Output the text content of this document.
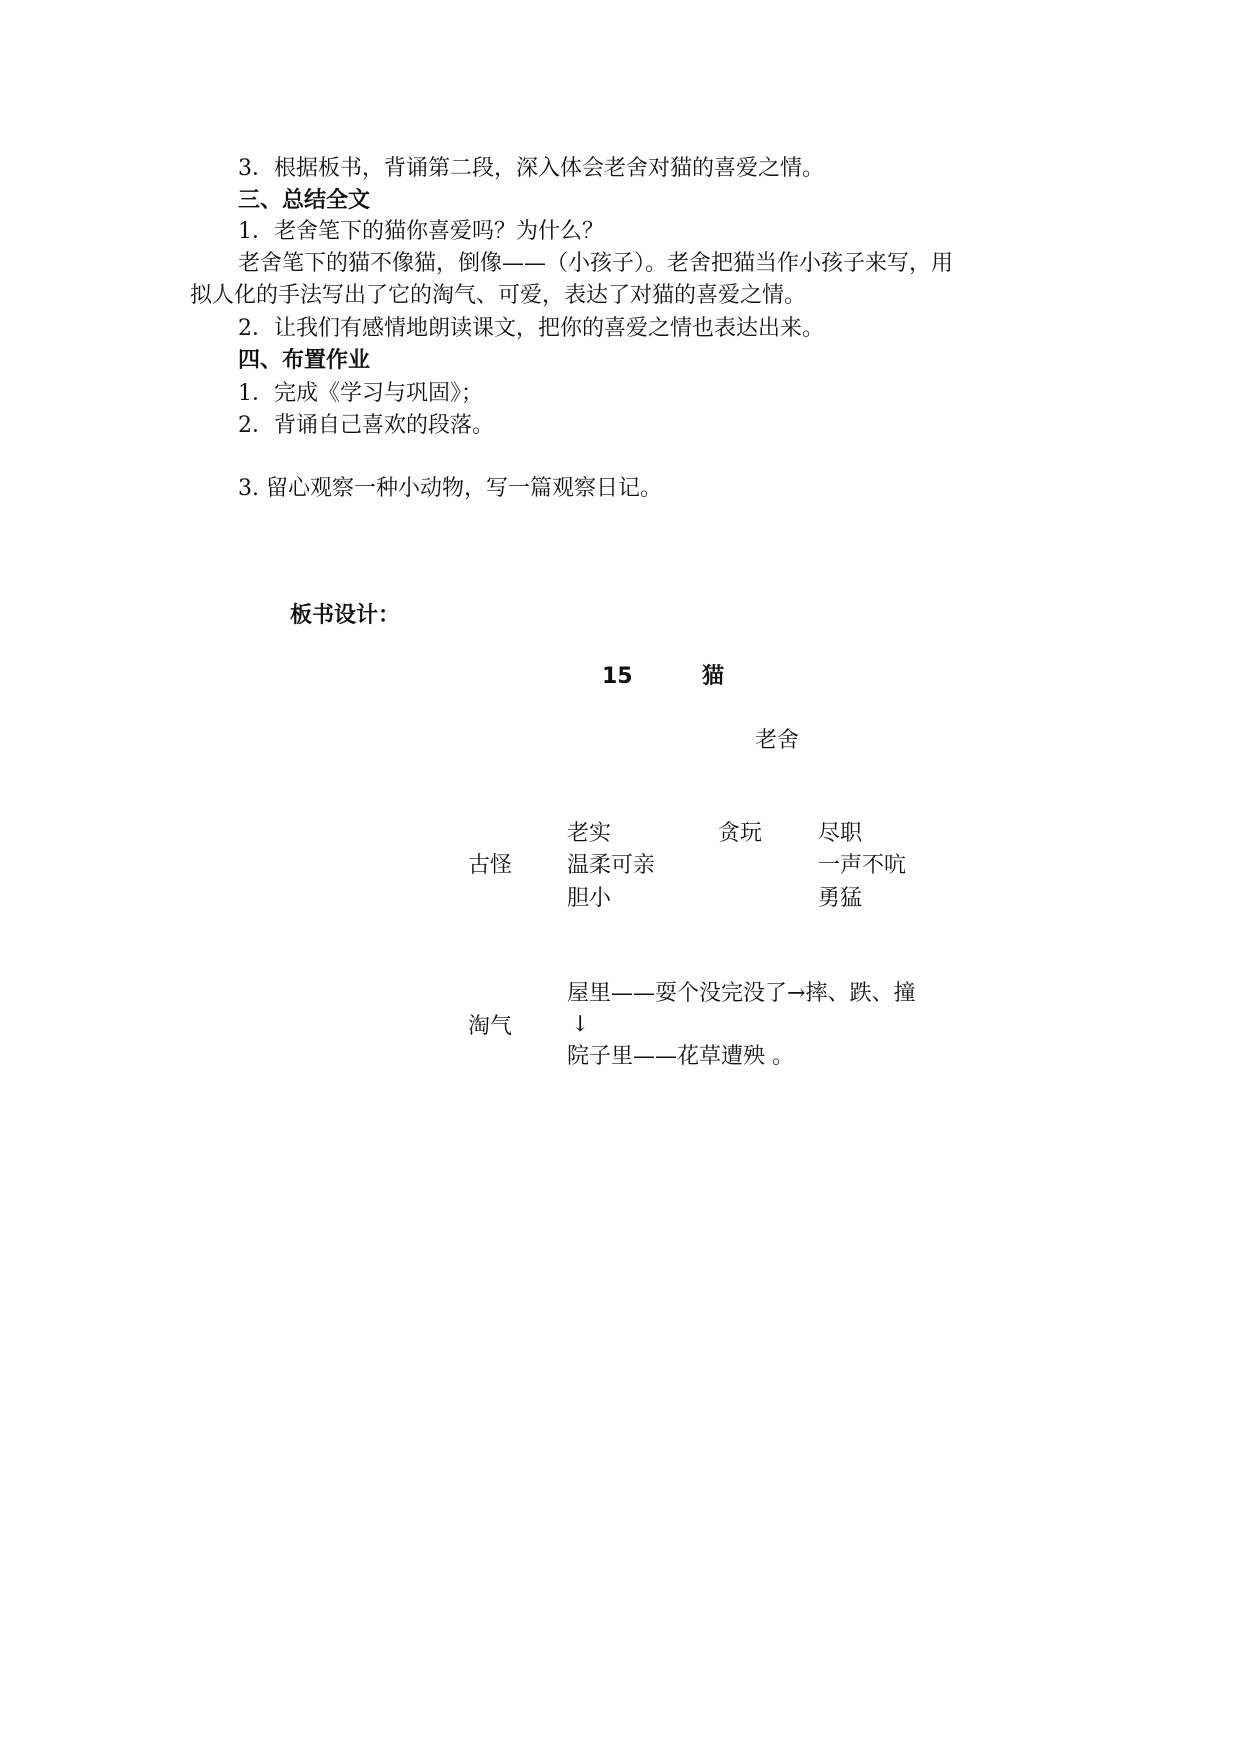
3．根据板书，背诵第二段，深入体会老舍对猫的喜爱之情。
三、总结全文
1．老舍笔下的猫你喜爱吗？为什么？
老舍笔下的猫不像猫，倒像——（小孩子）。老舍把猫当作小孩子来写，用
拟人化的手法写出了它的淘气、可爱，表达了对猫的喜爱之情。
2．让我们有感情地朗读课文，把你的喜爱之情也表达出来。
四、布置作业
1．完成《学习与巩固》；
2．背诵自己喜欢的段落。
3. 留心观察一种小动物，写一篇观察日记。
板书设计：
15	猫
老舍
古怪
老实
温柔可亲
胆小
贪玩	尽职
一声不吭
勇猛
淘气
屋里——耍个没完没了→摔、跌、撞
↓
院子里——花草遭殃 。
